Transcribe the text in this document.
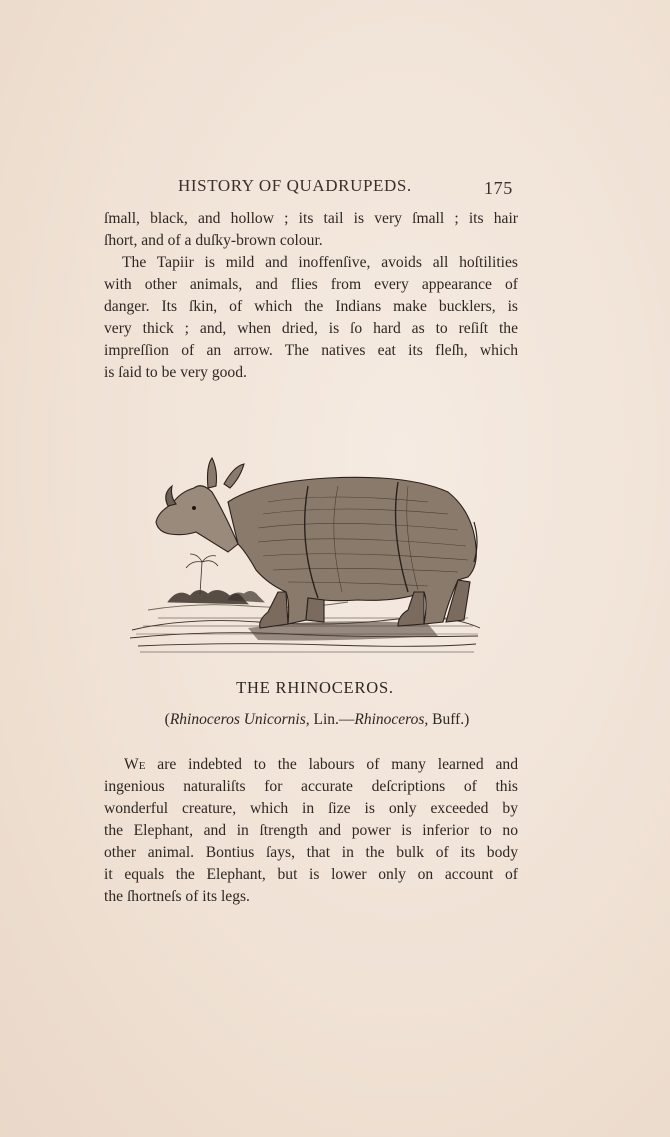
HISTORY OF QUADRUPEDS.	175
ſmall, black, and hollow ; its tail is very ſmall ; its hair
ſhort, and of a duſky-brown colour.
The Tapiir is mild and inoffenſive, avoids all hoſtilities
with other animals, and flies from every appearance of
danger. Its ſkin, of which the Indians make bucklers, is
very thick ; and, when dried, is ſo hard as to reſiſt the
impreſſion of an arrow. The natives eat its fleſh, which
is ſaid to be very good.
THE RHINOCEROS.
(Rhinoceros Unicornis, Lin.—Rhinoceros, Buff.)
We are indebted to the labours of many learned and
ingenious naturaliſts for accurate deſcriptions of this
wonderful creature, which in ſize is only exceeded by
the Elephant, and in ſtrength and power is inferior to no
other animal. Bontius ſays, that in the bulk of its body
it equals the Elephant, but is lower only on account of
the ſhortneſs of its legs.
